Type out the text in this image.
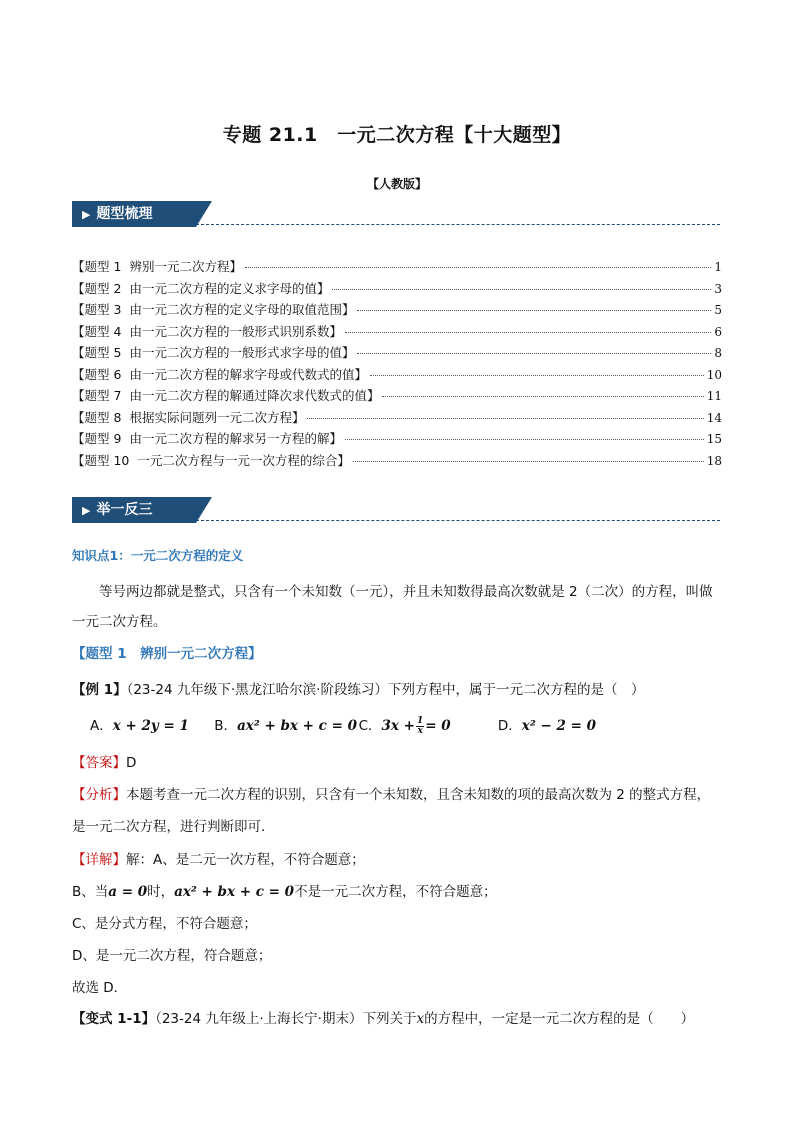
专题 21.1　一元二次方程【十大题型】
【人教版】
▶ 题型梳理
【题型 1 辨别一元二次方程】	1
【题型 2 由一元二次方程的定义求字母的值】	3
【题型 3 由一元二次方程的定义字母的取值范围】	5
【题型 4 由一元二次方程的一般形式识别系数】	6
【题型 5 由一元二次方程的一般形式求字母的值】	8
【题型 6 由一元二次方程的解求字母或代数式的值】	10
【题型 7 由一元二次方程的解通过降次求代数式的值】	11
【题型 8 根据实际问题列一元二次方程】	14
【题型 9 由一元二次方程的解求另一方程的解】	15
【题型 10 一元二次方程与一元一次方程的综合】	18
▶ 举一反三
知识点1：一元二次方程的定义
等号两边都就是整式，只含有一个未知数（一元），并且未知数得最高次数就是 2（二次）的方程，叫做一元二次方程。
【题型 1　辨别一元二次方程】
【例 1】（23-24 九年级下·黑龙江哈尔滨·阶段练习）下列方程中，属于一元二次方程的是（　）
A．x + 2y = 1 B．ax² + bx + c = 0 C．$3x + \frac{1}{x} = 0$	D．x² − 2 = 0
【答案】D
【分析】本题考查一元二次方程的识别，只含有一个未知数，且含未知数的项的最高次数为 2 的整式方程，
是一元二次方程，进行判断即可．
【详解】解：A、是二元一次方程，不符合题意；
B、当a = 0时，ax² + bx + c = 0不是一元二次方程，不符合题意；
C、是分式方程，不符合题意；
D、是一元二次方程，符合题意；
故选 D．
【变式 1-1】（23-24 九年级上·上海长宁·期末）下列关于x的方程中，一定是一元二次方程的是（　　）
